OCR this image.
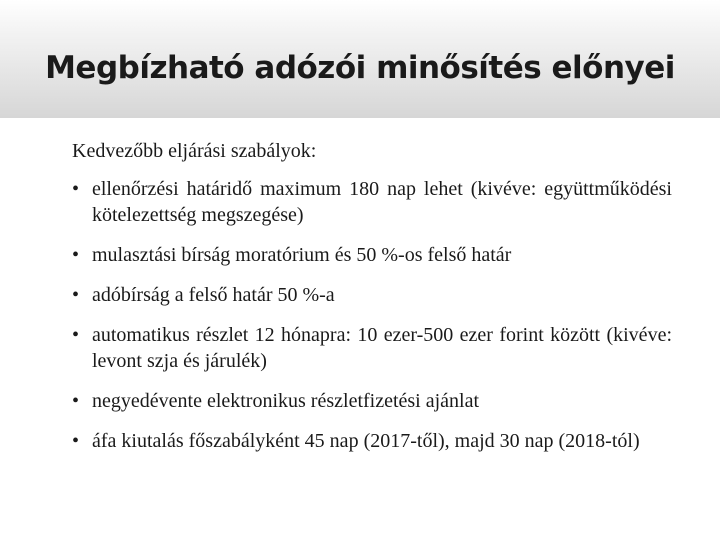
Megbízható adózói minősítés előnyei

Kedvezőbb eljárási szabályok:

• ellenőrzési határidő maximum 180 nap lehet (kivéve: együttműködési kötelezettség megszegése)
• mulasztási bírság moratórium és 50 %-os felső határ
• adóbírság a felső határ 50 %-a
• automatikus részlet 12 hónapra: 10 ezer-500 ezer forint között (kivéve: levont szja és járulék)
• negyedévente elektronikus részletfizetési ajánlat
• áfa kiutalás főszabályként 45 nap (2017-től), majd 30 nap (2018-tól)
